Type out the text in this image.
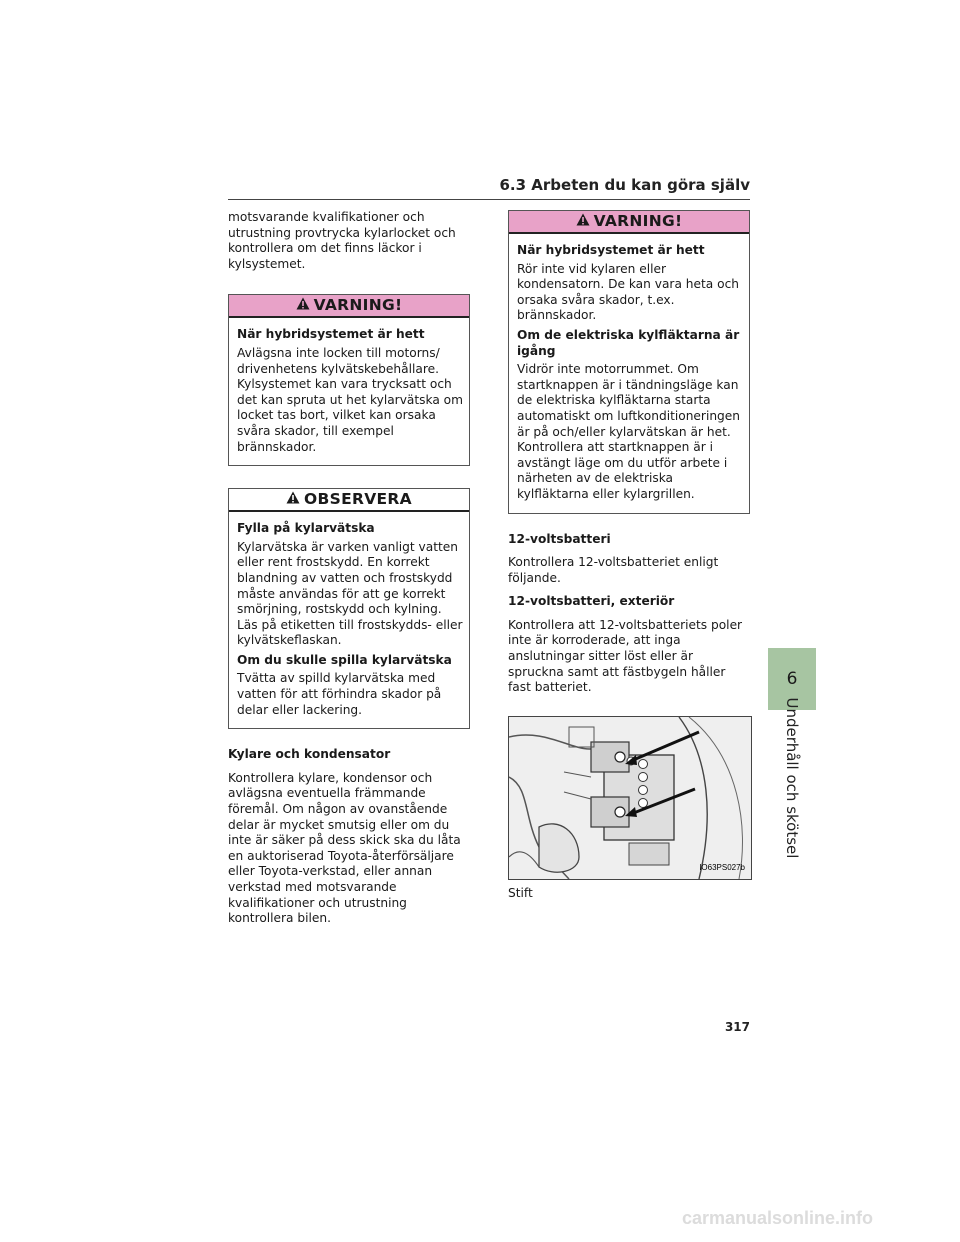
6.3 Arbeten du kan göra själv

motsvarande kvalifikationer och utrustning provtrycka kylarlocket och kontrollera om det finns läckor i kylsystemet.

VARNING!

När hybridsystemet är hett

Avlägsna inte locken till motorns/ drivenhetens kylvätskebehållare. Kylsystemet kan vara trycksatt och det kan spruta ut het kylarvätska om locket tas bort, vilket kan orsaka svåra skador, till exempel brännskador.

OBSERVERA

Fylla på kylarvätska

Kylarvätska är varken vanligt vatten eller rent frostskydd. En korrekt blandning av vatten och frostskydd måste användas för att ge korrekt smörjning, rostskydd och kylning. Läs på etiketten till frostskydds- eller kylvätskeflaskan.

Om du skulle spilla kylarvätska

Tvätta av spilld kylarvätska med vatten för att förhindra skador på delar eller lackering.

Kylare och kondensator

Kontrollera kylare, kondensor och avlägsna eventuella främmande föremål. Om någon av ovanstående delar är mycket smutsig eller om du inte är säker på dess skick ska du låta en auktoriserad Toyota-återförsäljare eller Toyota-verkstad, eller annan verkstad med motsvarande kvalifikationer och utrustning kontrollera bilen.

VARNING!

När hybridsystemet är hett

Rör inte vid kylaren eller kondensatorn. De kan vara heta och orsaka svåra skador, t.ex. brännskador.

Om de elektriska kylfläktarna är igång

Vidrör inte motorrummet. Om startknappen är i tändningsläge kan de elektriska kylfläktarna starta automatiskt om luftkonditioneringen är på och/eller kylarvätskan är het. Kontrollera att startknappen är i avstängt läge om du utför arbete i närheten av de elektriska kylfläktarna eller kylargrillen.

12-voltsbatteri

Kontrollera 12-voltsbatteriet enligt följande.

12-voltsbatteri, exteriör

Kontrollera att 12-voltsbatteriets poler inte är korroderade, att inga anslutningar sitter löst eller är spruckna samt att fästbygeln håller fast batteriet.

IO63PS027b

Stift

6
Underhåll och skötsel
317
carmanualsonline.info
